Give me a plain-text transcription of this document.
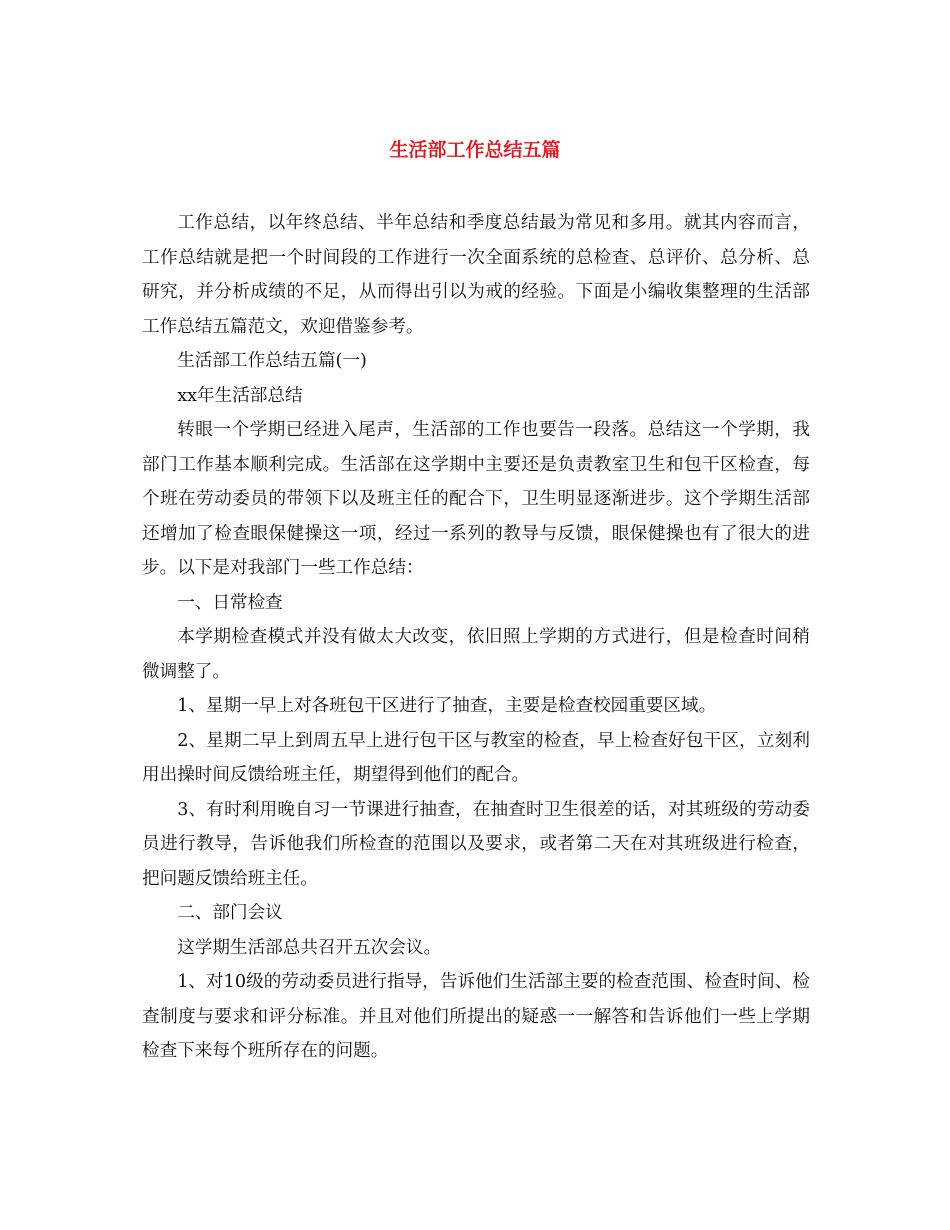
生活部工作总结五篇

工作总结，以年终总结、半年总结和季度总结最为常见和多用。就其内容而言，工作总结就是把一个时间段的工作进行一次全面系统的总检查、总评价、总分析、总研究，并分析成绩的不足，从而得出引以为戒的经验。下面是小编收集整理的生活部工作总结五篇范文，欢迎借鉴参考。

生活部工作总结五篇(一)

xx年生活部总结

转眼一个学期已经进入尾声，生活部的工作也要告一段落。总结这一个学期，我部门工作基本顺利完成。生活部在这学期中主要还是负责教室卫生和包干区检查，每个班在劳动委员的带领下以及班主任的配合下，卫生明显逐渐进步。这个学期生活部还增加了检查眼保健操这一项，经过一系列的教导与反馈，眼保健操也有了很大的进步。以下是对我部门一些工作总结：

一、日常检查

本学期检查模式并没有做太大改变，依旧照上学期的方式进行，但是检查时间稍微调整了。

1、星期一早上对各班包干区进行了抽查，主要是检查校园重要区域。

2、星期二早上到周五早上进行包干区与教室的检查，早上检查好包干区，立刻利用出操时间反馈给班主任，期望得到他们的配合。

3、有时利用晚自习一节课进行抽查，在抽查时卫生很差的话，对其班级的劳动委员进行教导，告诉他我们所检查的范围以及要求，或者第二天在对其班级进行检查，把问题反馈给班主任。

二、部门会议

这学期生活部总共召开五次会议。

1、对10级的劳动委员进行指导，告诉他们生活部主要的检查范围、检查时间、检查制度与要求和评分标准。并且对他们所提出的疑惑一一解答和告诉他们一些上学期检查下来每个班所存在的问题。
